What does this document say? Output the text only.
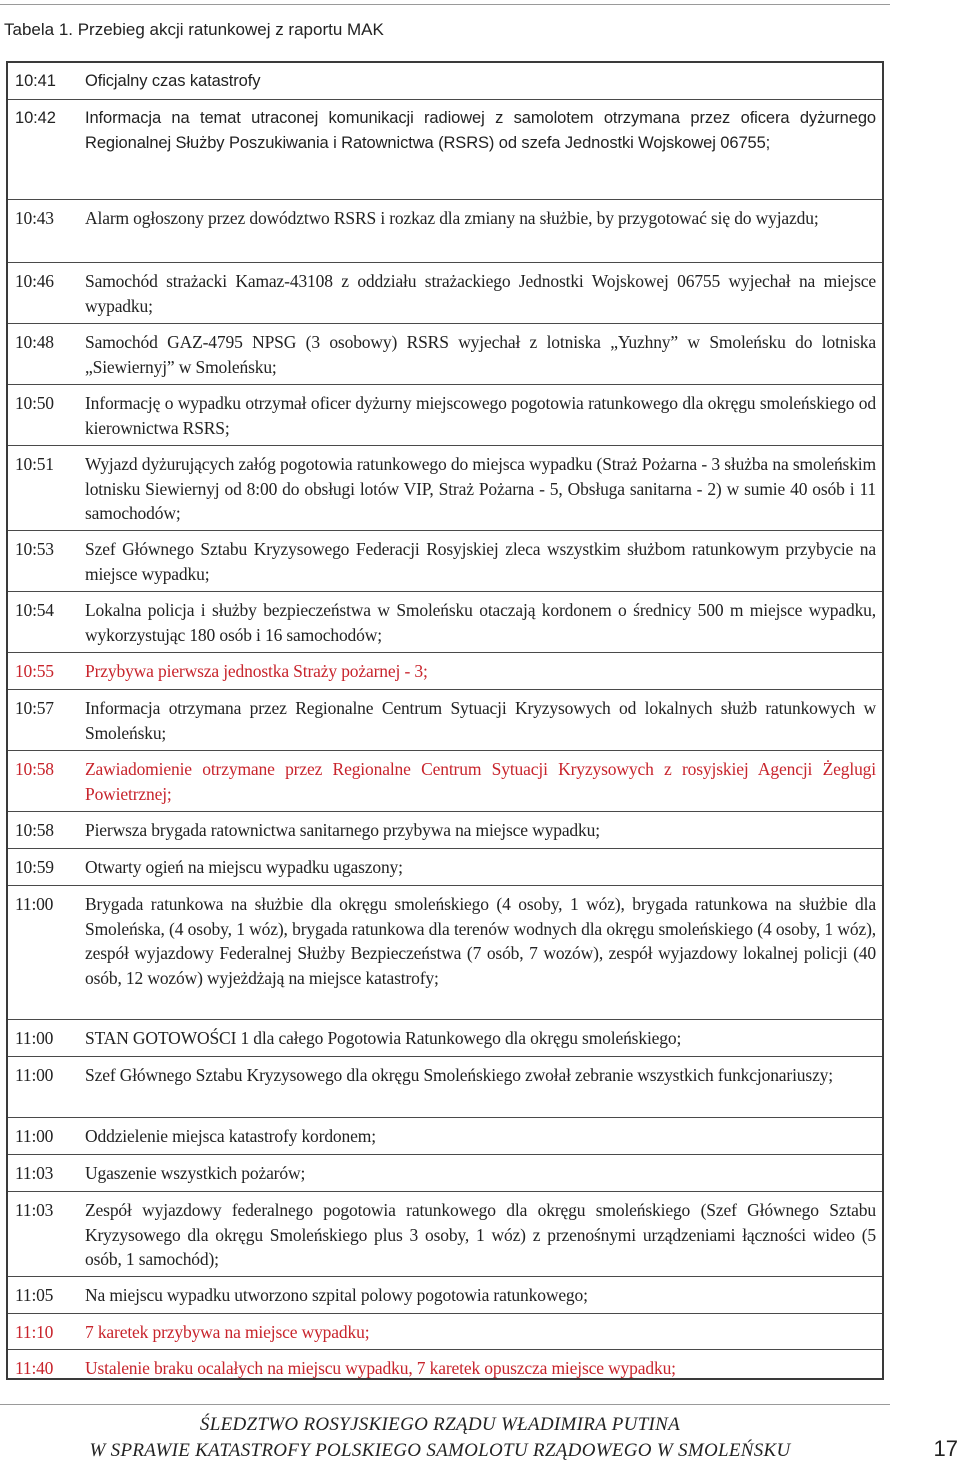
Tabela 1. Przebieg akcji ratunkowej z raportu MAK
10:41 Oficjalny czas katastrofy
10:42 Informacja na temat utraconej komunikacji radiowej z samolotem otrzymana przez oficera dyżurnego Regionalnej Służby Poszukiwania i Ratownictwa (RSRS) od szefa Jednostki Wojskowej 06755;
10:43 Alarm ogłoszony przez dowództwo RSRS i rozkaz dla zmiany na służbie, by przygotować się do wyjazdu;
10:46 Samochód strażacki Kamaz-43108 z oddziału strażackiego Jednostki Wojskowej 06755 wyjechał na miejsce wypadku;
10:48 Samochód GAZ-4795 NPSG (3 osobowy) RSRS wyjechał z lotniska „Yuzhny” w Smoleńsku do lotniska „Siewiernyj” w Smoleńsku;
10:50 Informację o wypadku otrzymał oficer dyżurny miejscowego pogotowia ratunkowego dla okręgu smoleńskiego od kierownictwa RSRS;
10:51 Wyjazd dyżurujących załóg pogotowia ratunkowego do miejsca wypadku (Straż Pożarna - 3 służba na smoleńskim lotnisku Siewiernyj od 8:00 do obsługi lotów VIP, Straż Pożarna - 5, Obsługa sanitarna - 2) w sumie 40 osób i 11 samochodów;
10:53 Szef Głównego Sztabu Kryzysowego Federacji Rosyjskiej zleca wszystkim służbom ratunkowym przybycie na miejsce wypadku;
10:54 Lokalna policja i służby bezpieczeństwa w Smoleńsku otaczają kordonem o średnicy 500 m miejsce wypadku, wykorzystując 180 osób i 16 samochodów;
10:55 Przybywa pierwsza jednostka Straży pożarnej - 3;
10:57 Informacja otrzymana przez Regionalne Centrum Sytuacji Kryzysowych od lokalnych służb ratunkowych w Smoleńsku;
10:58 Zawiadomienie otrzymane przez Regionalne Centrum Sytuacji Kryzysowych z rosyjskiej Agencji Żeglugi Powietrznej;
10:58 Pierwsza brygada ratownictwa sanitarnego przybywa na miejsce wypadku;
10:59 Otwarty ogień na miejscu wypadku ugaszony;
11:00 Brygada ratunkowa na służbie dla okręgu smoleńskiego (4 osoby, 1 wóz), brygada ratunkowa na służbie dla Smoleńska, (4 osoby, 1 wóz), brygada ratunkowa dla terenów wodnych dla okręgu smoleńskiego (4 osoby, 1 wóz), zespół wyjazdowy Federalnej Służby Bezpieczeństwa (7 osób, 7 wozów), zespół wyjazdowy lokalnej policji (40 osób, 12 wozów) wyjeżdżają na miejsce katastrofy;
11:00 STAN GOTOWOŚCI 1 dla całego Pogotowia Ratunkowego dla okręgu smoleńskiego;
11:00 Szef Głównego Sztabu Kryzysowego dla okręgu Smoleńskiego zwołał zebranie wszystkich funkcjonariuszy;
11:00 Oddzielenie miejsca katastrofy kordonem;
11:03 Ugaszenie wszystkich pożarów;
11:03 Zespół wyjazdowy federalnego pogotowia ratunkowego dla okręgu smoleńskiego (Szef Głównego Sztabu Kryzysowego dla okręgu Smoleńskiego plus 3 osoby, 1 wóz) z przenośnymi urządzeniami łączności wideo (5 osób, 1 samochód);
11:05 Na miejscu wypadku utworzono szpital polowy pogotowia ratunkowego;
11:10 7 karetek przybywa na miejsce wypadku;
11:40 Ustalenie braku ocalałych na miejscu wypadku, 7 karetek opuszcza miejsce wypadku;
ŚLEDZTWO ROSYJSKIEGO RZĄDU WŁADIMIRA PUTINA
W SPRAWIE KATASTROFY POLSKIEGO SAMOLOTU RZĄDOWEGO W SMOLEŃSKU	17
